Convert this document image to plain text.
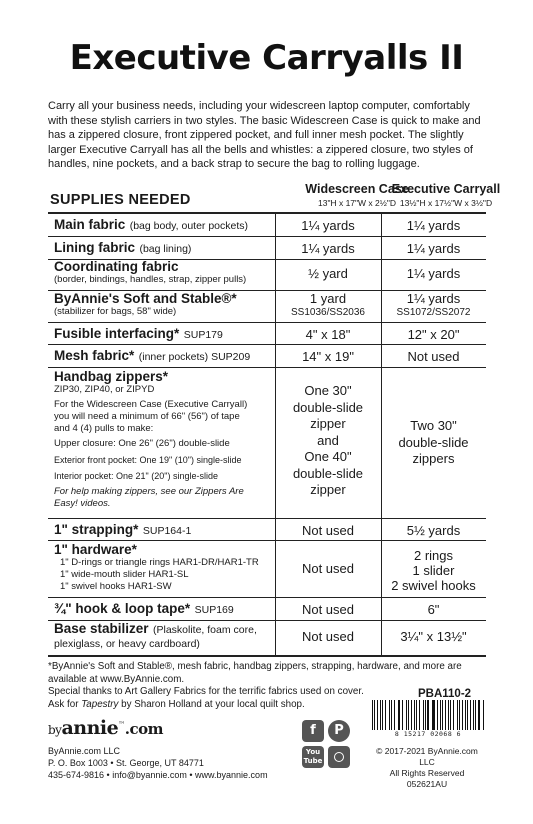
Executive Carryalls II
Carry all your business needs, including your widescreen laptop computer, comfortably with these stylish carriers in two styles. The basic Widescreen Case is quick to make and has a zippered closure, front zippered pocket, and full inner mesh pocket. The slightly larger Executive Carryall has all the bells and whistles: a zippered closure, two styles of handles, nine pockets, and a back strap to secure the bag to rolling luggage.
SUPPLIES NEEDED
Widescreen Case
13"H x 17"W x 2½"D
Executive Carryall
13½"H x 17½"W x 3½"D
Main fabric (bag body, outer pockets)	1¼ yards	1¼ yards
Lining fabric (bag lining)	1¼ yards	1¼ yards
Coordinating fabric
(border, bindings, handles, strap, zipper pulls)	½ yard	1¼ yards
ByAnnie's Soft and Stable®*
(stabilizer for bags, 58" wide)
1 yard
SS1036/SS2036
1¼ yards
SS1072/SS2072
Fusible interfacing* SUP179	4" x 18"	12" x 20"
Mesh fabric* (inner pockets) SUP209	14" x 19"	Not used
Handbag zippers*
ZIP30, ZIP40, or ZIPYD
For the Widescreen Case (Executive Carryall)
you will need a minimum of 66" (56") of tape
and 4 (4) pulls to make:
Upper closure: One 26" (26") double-slide
Exterior front pocket: One 19" (10") single-slide
Interior pocket: One 21" (20") single-slide
For help making zippers, see our Zippers Are
Easy! videos.
One 30"
double-slide
zipper
and
One 40"
double-slide
zipper
Two 30"
double-slide
zippers
1" strapping* SUP164-1	Not used	5½ yards
1" hardware*
1" D-rings or triangle rings HAR1-DR/HAR1-TR
1" wide-mouth slider HAR1-SL
1" swivel hooks HAR1-SW
Not used
2 rings
1 slider
2 swivel hooks
¾" hook & loop tape* SUP169	Not used	6"
Base stabilizer (Plaskolite, foam core,
plexiglass, or heavy cardboard)	Not used	3¼" x 13½"
*ByAnnie's Soft and Stable®, mesh fabric, handbag zippers, strapping, hardware, and more are
available at www.ByAnnie.com.
Special thanks to Art Gallery Fabrics for the terrific fabrics used on cover.
Ask for Tapestry by Sharon Holland at your local quilt shop.
PBA110-2
byannie™.com
ByAnnie.com LLC
P. O. Box 1003 • St. George, UT 84771
435-674-9816 • info@byannie.com • www.byannie.com
f	P
You
Tube
8 15217 02068 6
© 2017-2021 ByAnnie.com LLC
All Rights Reserved
052621AU
